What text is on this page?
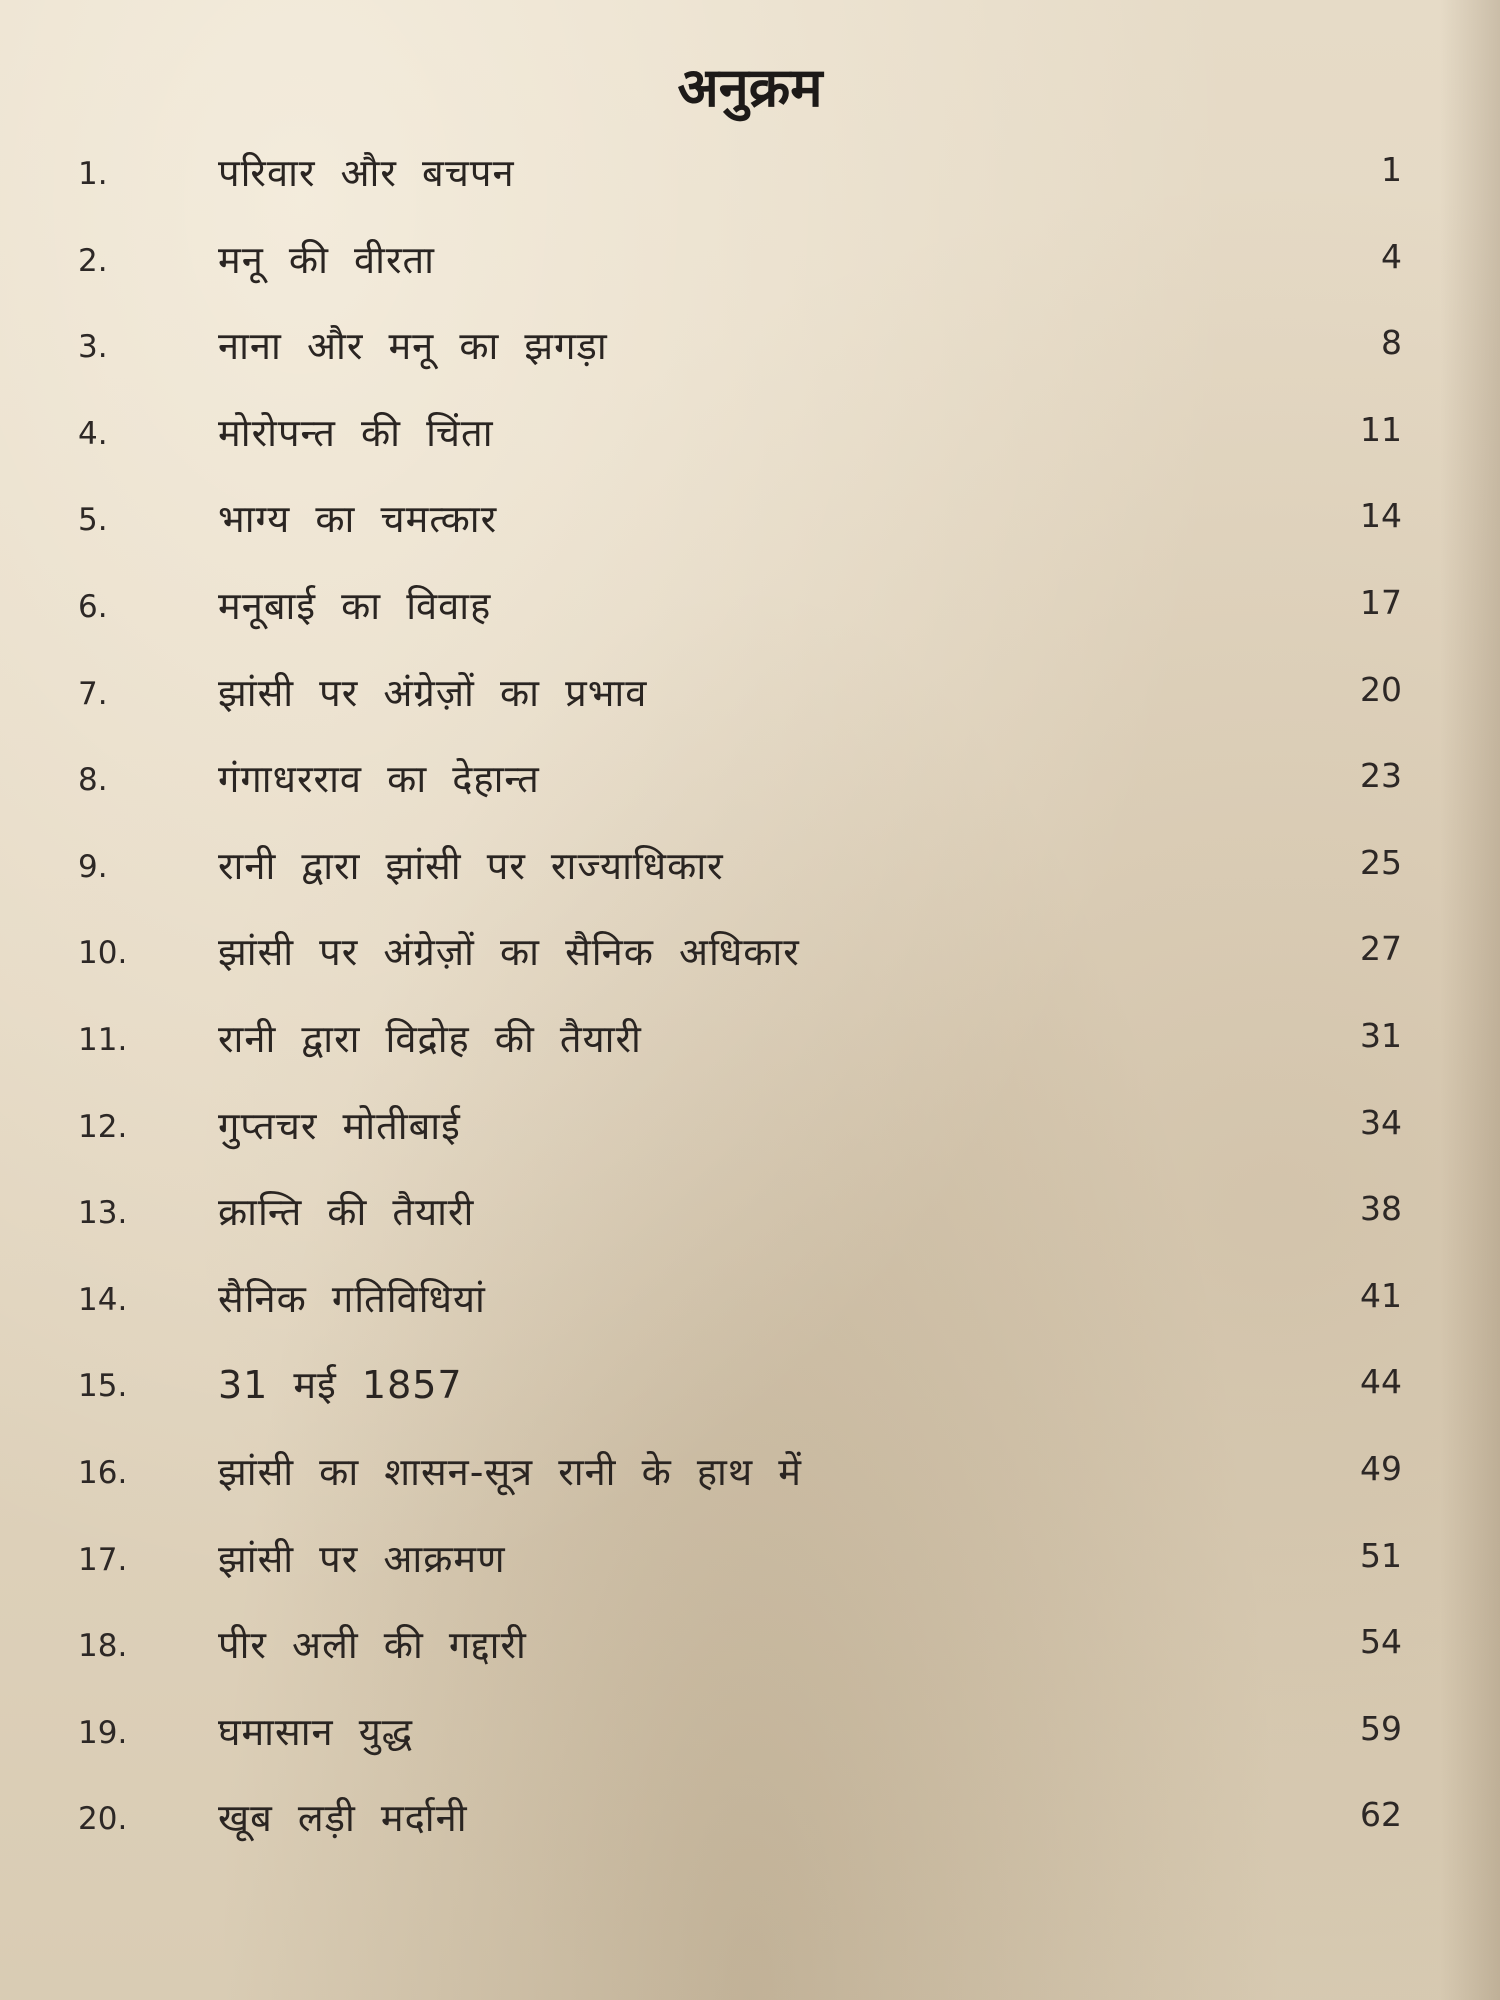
अनुक्रम
1.	परिवार और बचपन	1
2.	मनू की वीरता	4
3.	नाना और मनू का झगड़ा	8
4.	मोरोपन्त की चिंता	11
5.	भाग्य का चमत्कार	14
6.	मनूबाई का विवाह	17
7.	झांसी पर अंग्रेज़ों का प्रभाव	20
8.	गंगाधरराव का देहान्त	23
9.	रानी द्वारा झांसी पर राज्याधिकार	25
10. झांसी पर अंग्रेज़ों का सैनिक अधिकार	27
11. रानी द्वारा विद्रोह की तैयारी	31
12. गुप्तचर मोतीबाई	34
13. क्रान्ति की तैयारी	38
14. सैनिक गतिविधियां	41
15. 31 मई 1857	44
16. झांसी का शासन-सूत्र रानी के हाथ में	49
17. झांसी पर आक्रमण	51
18. पीर अली की गद्दारी	54
19. घमासान युद्ध	59
20. खूब लड़ी मर्दानी	62
